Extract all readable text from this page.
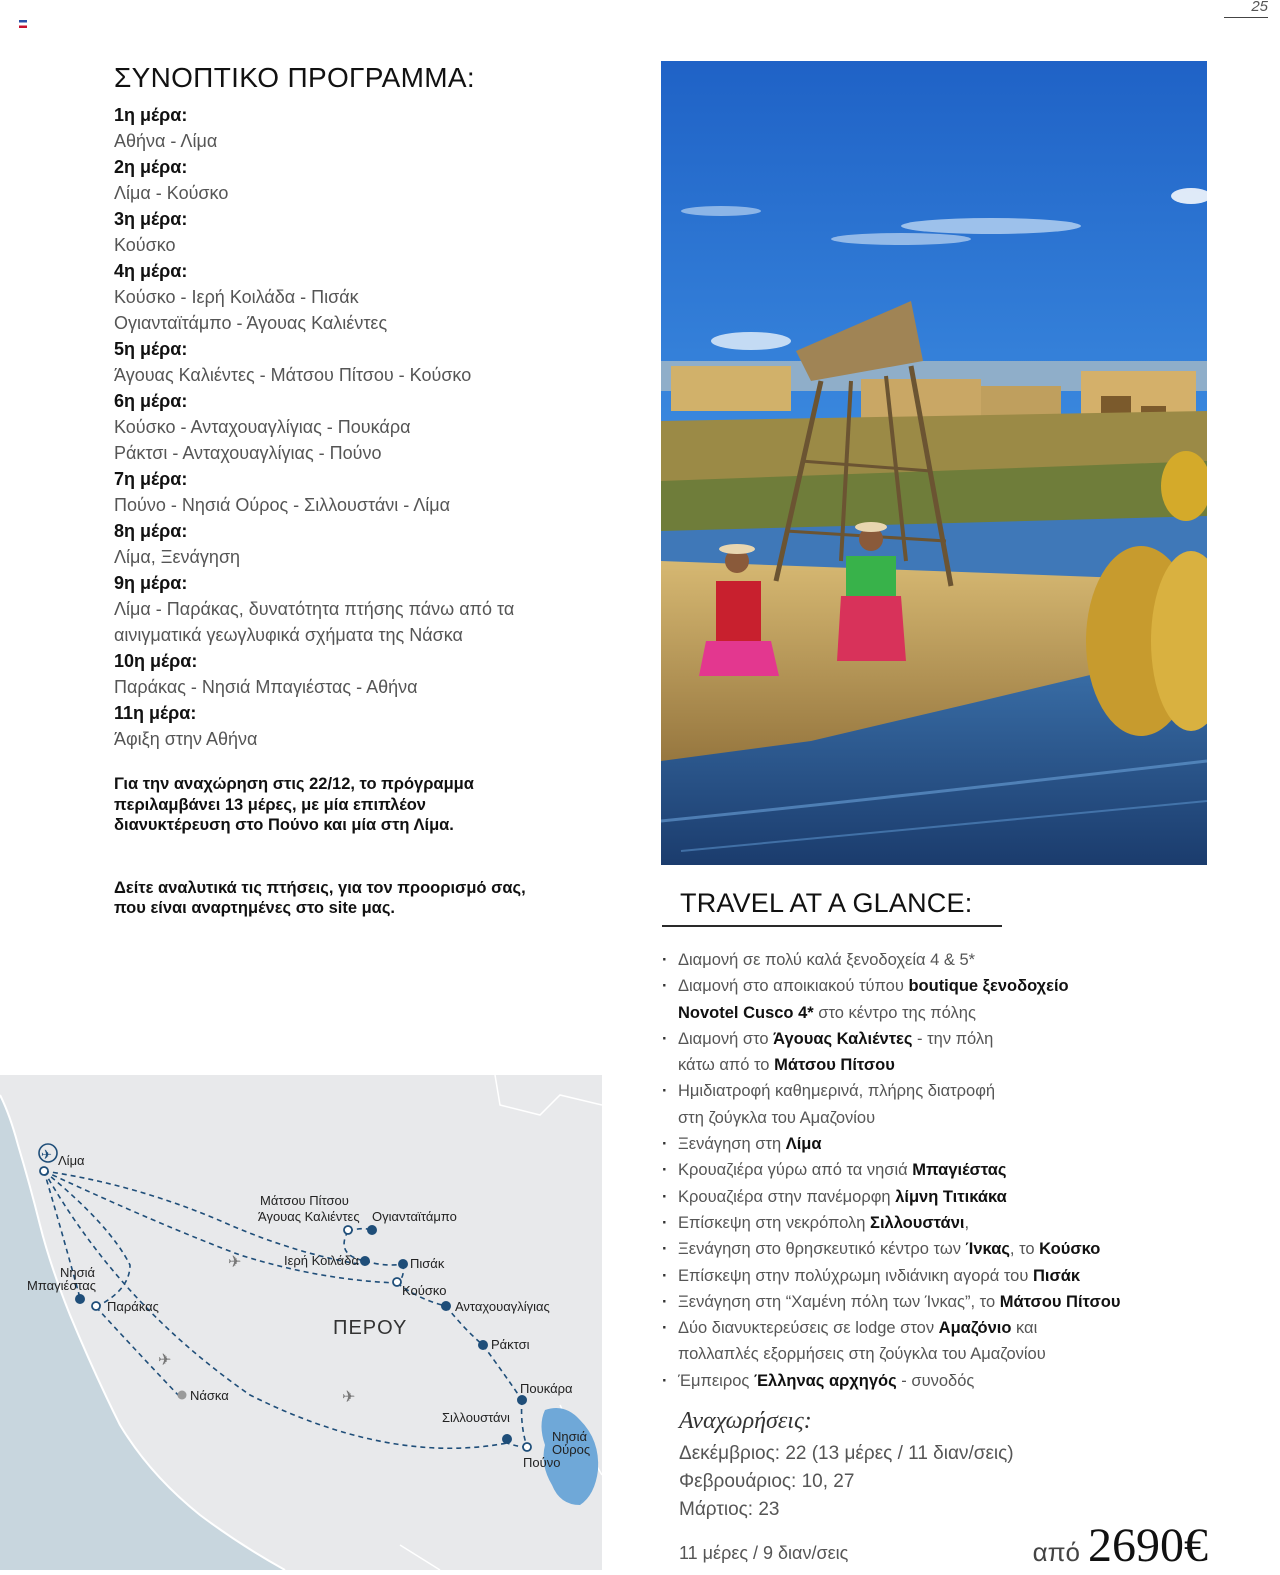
25
ΣΥΝΟΠΤΙΚΟ ΠΡΟΓΡΑΜΜΑ:
1η μέρα:
Αθήνα - Λίμα
2η μέρα:
Λίμα - Κούσκο
3η μέρα:
Κούσκο
4η μέρα:
Κούσκο - Ιερή Κοιλάδα - Πισάκ
Ογιανταϊτάμπο - Άγουας Καλιέντες
5η μέρα:
Άγουας Καλιέντες - Μάτσου Πίτσου - Κούσκο
6η μέρα:
Κούσκο - Ανταχουαγλίγιας - Πουκάρα
Ράκτσι - Ανταχουαγλίγιας - Πούνο
7η μέρα:
Πούνο - Νησιά Ούρος - Σιλλουστάνι - Λίμα
8η μέρα:
Λίμα, Ξενάγηση
9η μέρα:
Λίμα - Παράκας, δυνατότητα πτήσης πάνω από τα
αινιγματικά γεωγλυφικά σχήματα της Νάσκα
10η μέρα:
Παράκας - Νησιά Μπαγιέστας - Αθήνα
11η μέρα:
Άφιξη στην Αθήνα
Για την αναχώρηση στις 22/12, το πρόγραμμα
περιλαμβάνει 13 μέρες, με μία επιπλέον
διανυκτέρευση στο Πούνο και μία στη Λίμα.
Δείτε αναλυτικά τις πτήσεις, για τον προορισμό σας,
που είναι αναρτημένες στο site μας.	TRAVEL AT A GLANCE:
· Διαμονή σε πολύ καλά ξενοδοχεία 4 & 5*
· Διαμονή στο αποικιακού τύπου boutique ξενοδοχείο
Novotel Cusco 4* στο κέντρο της πόλης
· Διαμονή στο Άγουας Καλιέντες - την πόλη
κάτω από το Μάτσου Πίτσου
· Ημιδιατροφή καθημερινά, πλήρης διατροφή
στη ζούγκλα του Αμαζονίου
· Ξενάγηση στη Λίμα
· Κρουαζιέρα γύρω από τα νησιά Μπαγιέστας
· Κρουαζιέρα στην πανέμορφη λίμνη Τιτικάκα
· Επίσκεψη στη νεκρόπολη Σιλλουστάνι,
· Ξενάγηση στο θρησκευτικό κέντρο των Ίνκας, το Κούσκο
· Επίσκεψη στην πολύχρωμη ινδιάνικη αγορά του Πισάκ
· Ξενάγηση στη “Χαμένη πόλη των Ίνκας”, το Μάτσου Πίτσου
· Δύο διανυκτερεύσεις σε lodge στον Αμαζόνιο και
πολλαπλές εξορμήσεις στη ζούγκλα του Αμαζονίου
· Έμπειρος Έλληνας αρχηγός - συνοδός
Αναχωρήσεις:
Δεκέμβριος: 22 (13 μέρες / 11 διαν/σεις)
Φεβρουάριος: 10, 27
Μάρτιος: 23
11 μέρες / 9 διαν/σεις	από 2690€
✈
✈
✈
✈ Λίμα
Νησιά
Μπαγιέστας
Παράκας
Νάσκα
Μάτσου Πίτσου
Άγουας Καλιέντες Ογιανταϊτάμπο
Ιερή Κοιλάδα	Πισάκ
Κούσκο
Ανταχουαγλίγιας
Ράκτσι
Πουκάρα
Σιλλουστάνι
Νησιά
Ούρος
Πούνο
ΠΕΡΟΥ
